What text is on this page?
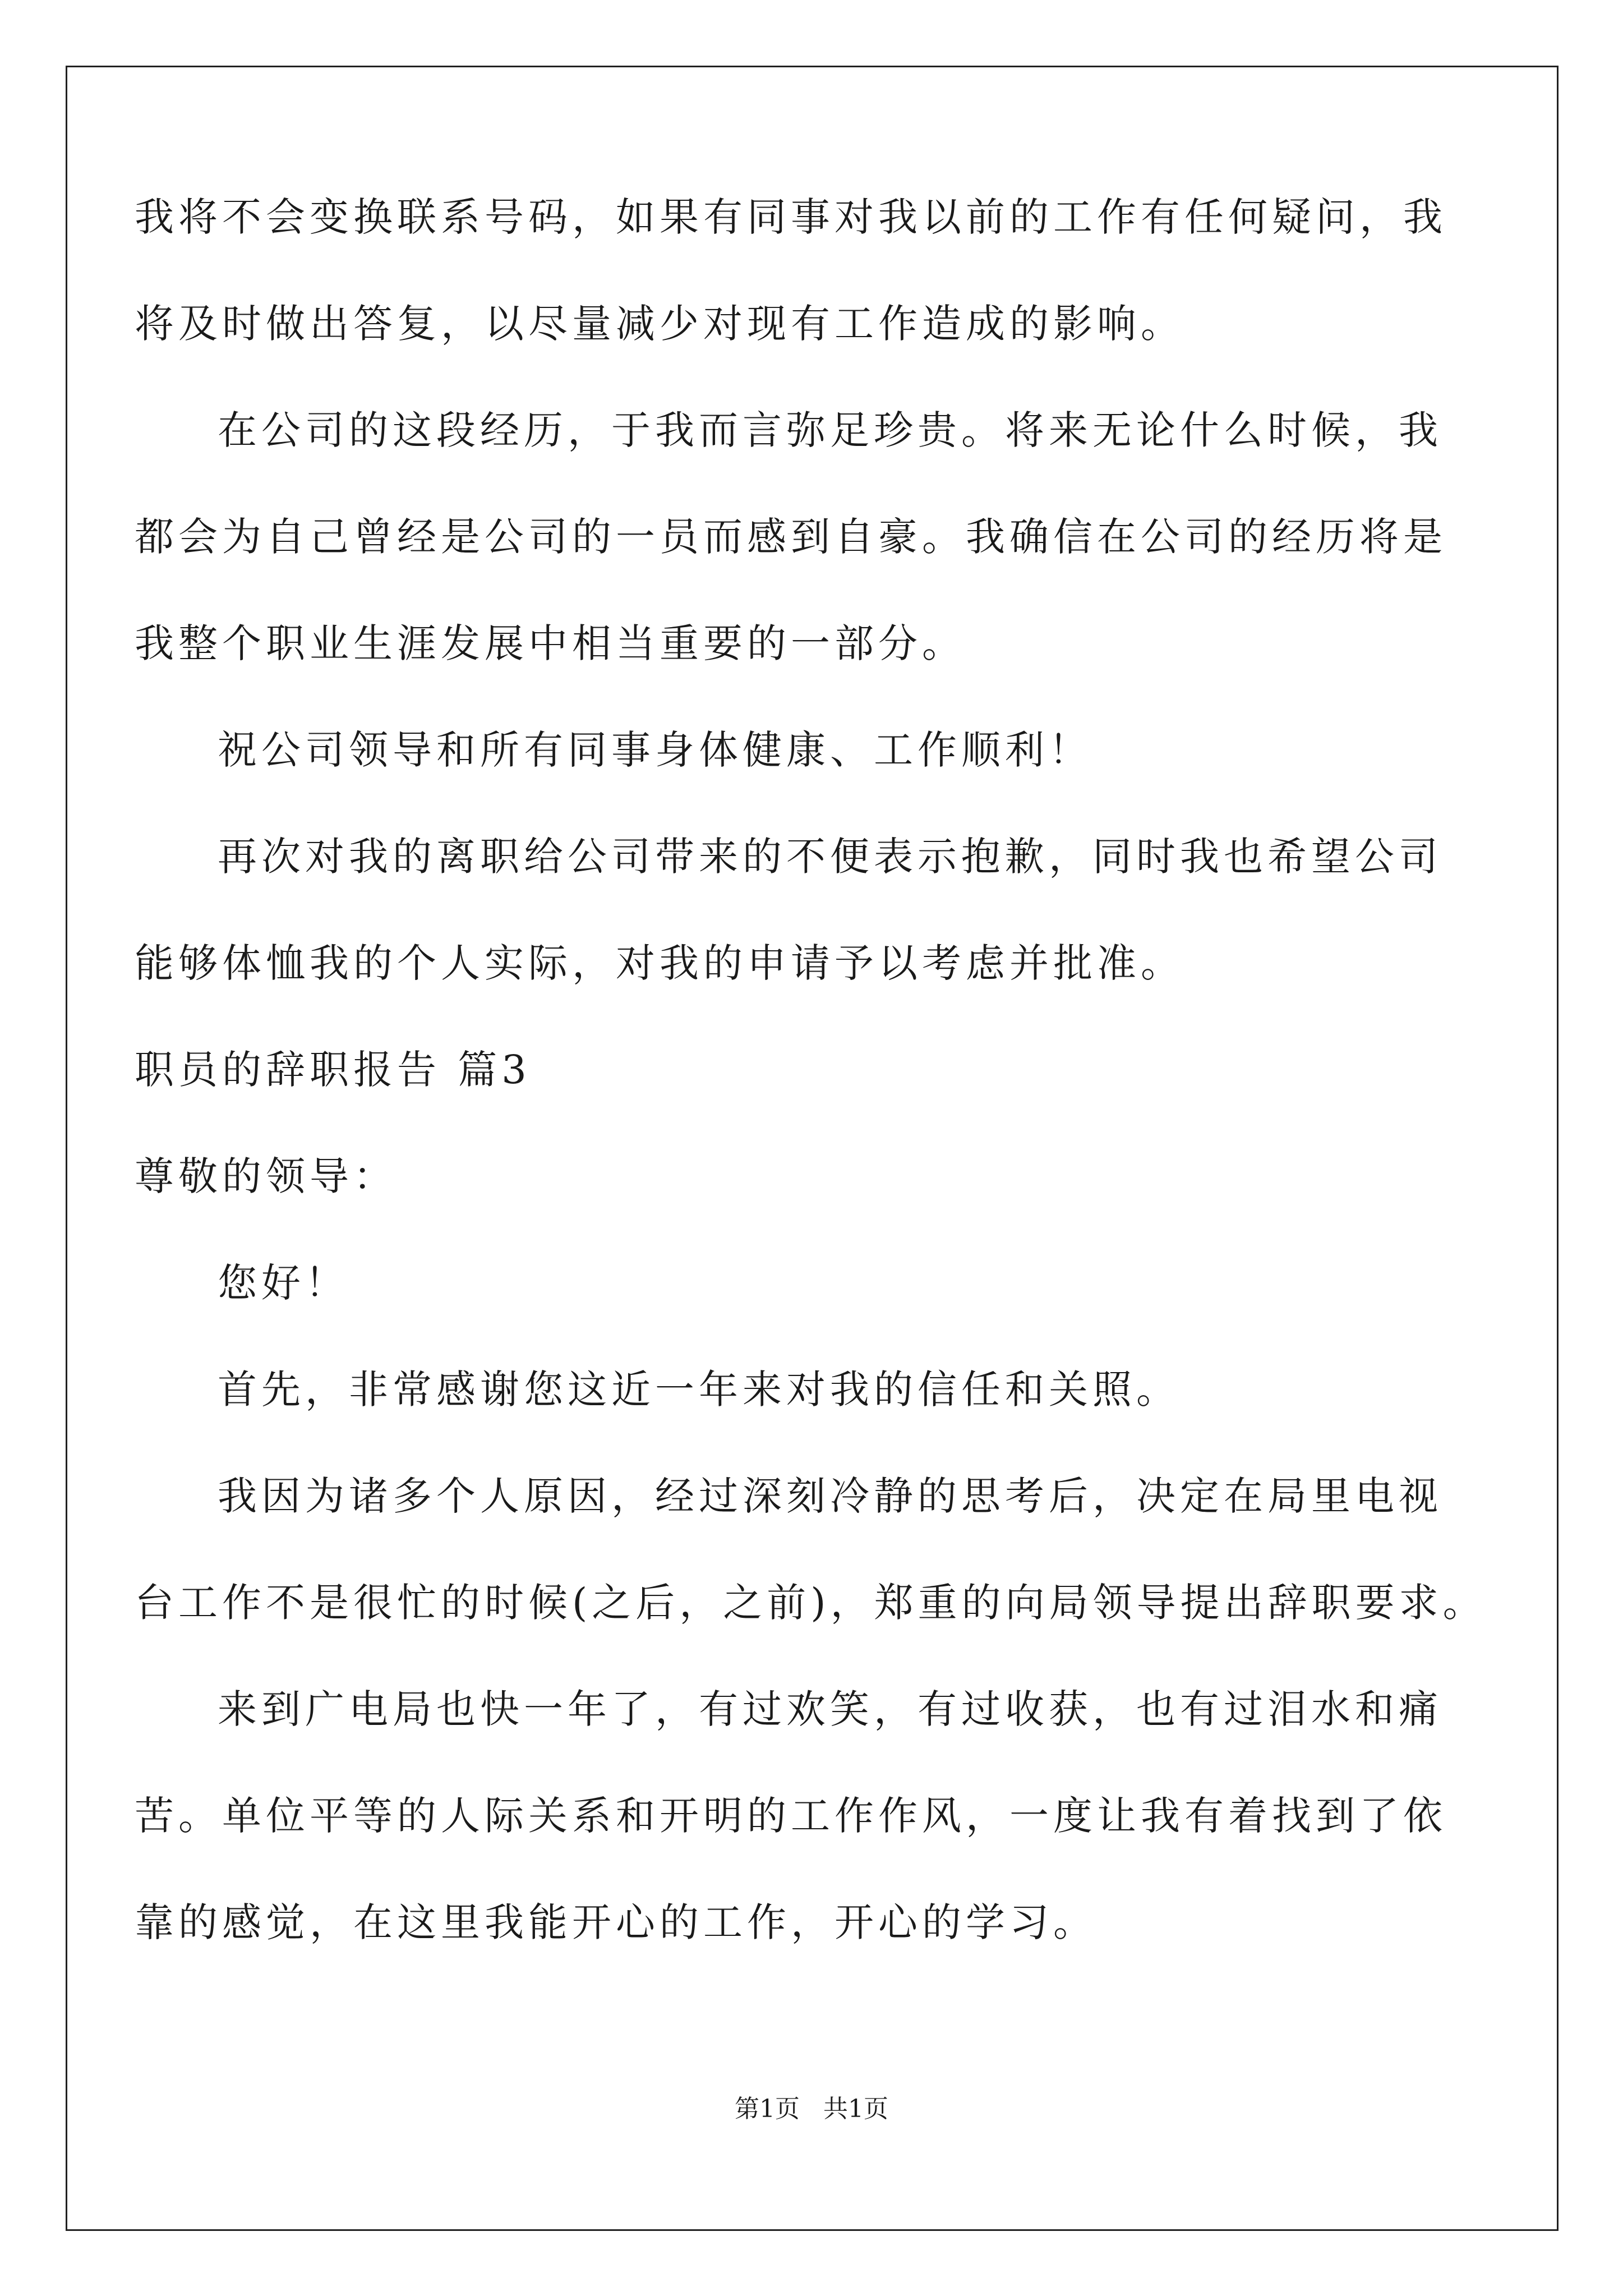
我将不会变换联系号码，如果有同事对我以前的工作有任何疑问，我
将及时做出答复，以尽量减少对现有工作造成的影响。
在公司的这段经历，于我而言弥足珍贵。将来无论什么时候，我
都会为自己曾经是公司的一员而感到自豪。我确信在公司的经历将是
我整个职业生涯发展中相当重要的一部分。
祝公司领导和所有同事身体健康、工作顺利！
再次对我的离职给公司带来的不便表示抱歉，同时我也希望公司
能够体恤我的个人实际，对我的申请予以考虑并批准。
职员的辞职报告 篇3
尊敬的领导：
您好！
首先，非常感谢您这近一年来对我的信任和关照。
我因为诸多个人原因，经过深刻冷静的思考后，决定在局里电视
台工作不是很忙的时候(之后，之前)，郑重的向局领导提出辞职要求。
来到广电局也快一年了，有过欢笑，有过收获，也有过泪水和痛
苦。单位平等的人际关系和开明的工作作风，一度让我有着找到了依
靠的感觉，在这里我能开心的工作，开心的学习。
第1页 共1页
